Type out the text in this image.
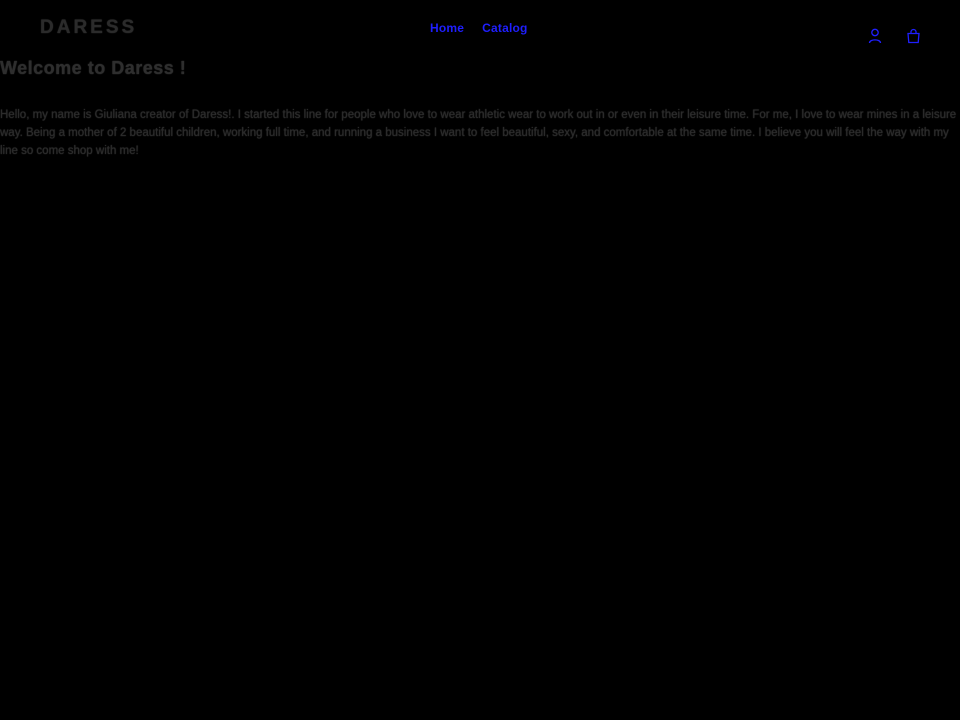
DARESS	Home Catalog
Welcome to Daress !

Hello, my name is Giuliana creator of Daress!. I started this line for people who love to wear athletic wear to work out in or even in their leisure time. For me, I love to wear mines in a leisure way. Being a mother of 2 beautiful children, working full time, and running a business I want to feel beautiful, sexy, and comfortable at the same time. I believe you will feel the way with my line so come shop with me!
